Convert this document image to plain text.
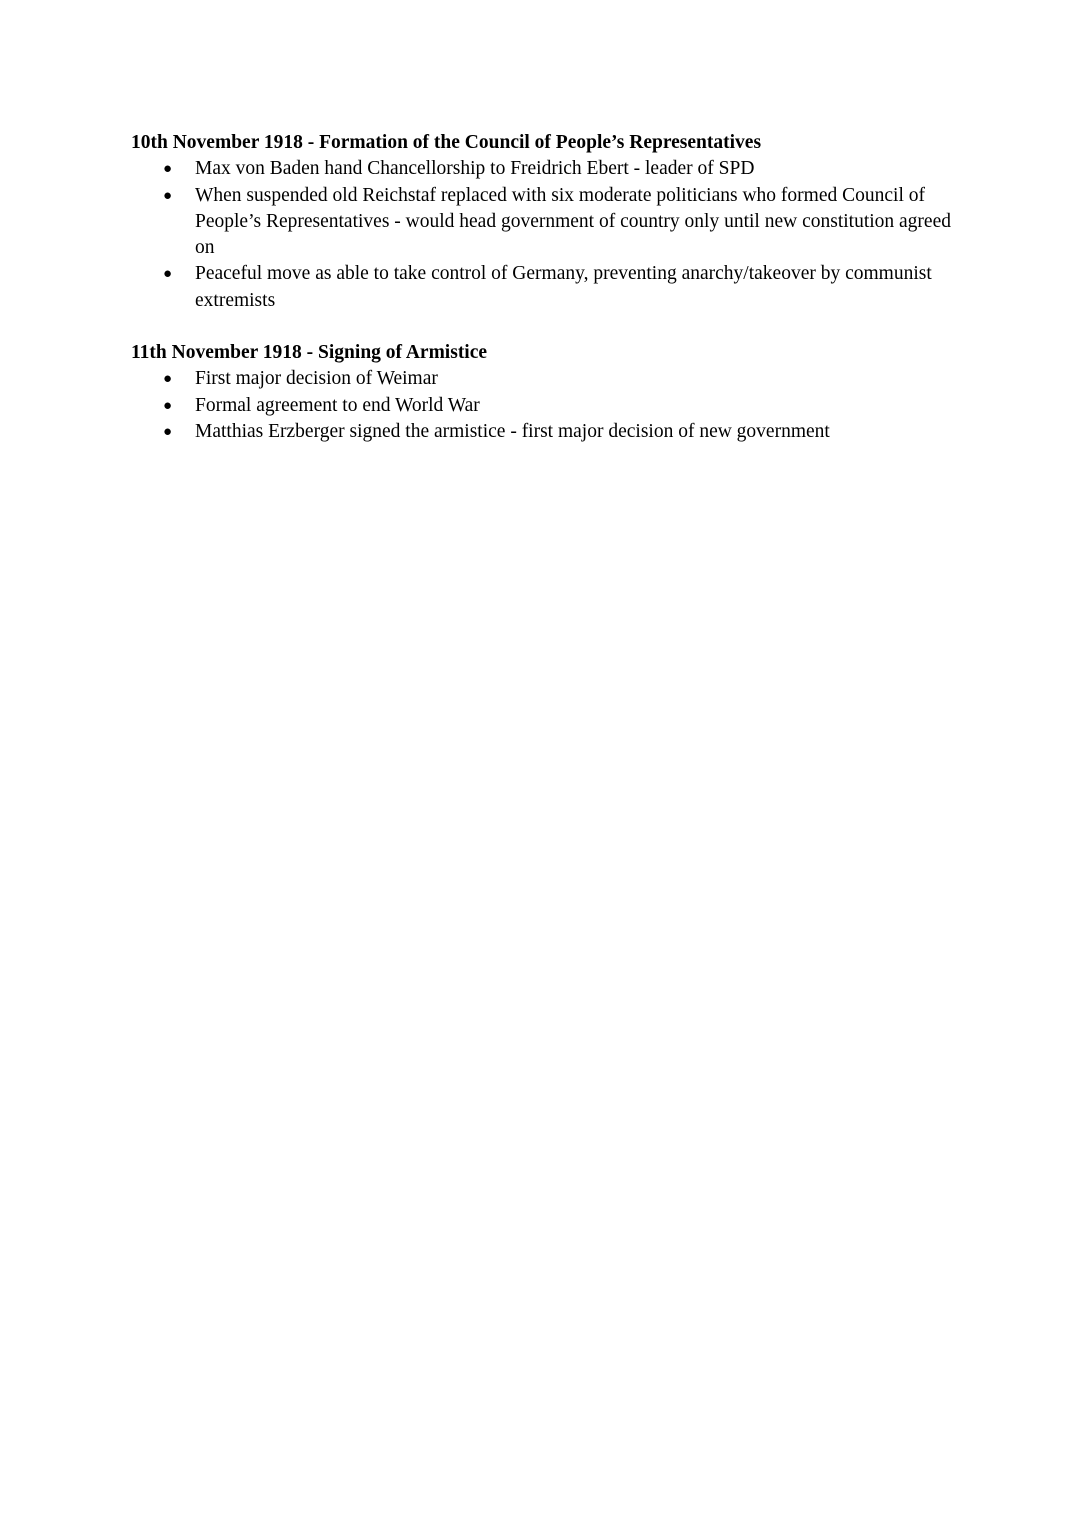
10th November 1918 - Formation of the Council of People’s Representatives

● Max von Baden hand Chancellorship to Freidrich Ebert - leader of SPD
● When suspended old Reichstaf replaced with six moderate politicians who formed Council of People’s Representatives - would head government of country only until new constitution agreed on
● Peaceful move as able to take control of Germany, preventing anarchy/takeover by communist extremists

11th November 1918 - Signing of Armistice

● First major decision of Weimar
● Formal agreement to end World War
● Matthias Erzberger signed the armistice - first major decision of new government
